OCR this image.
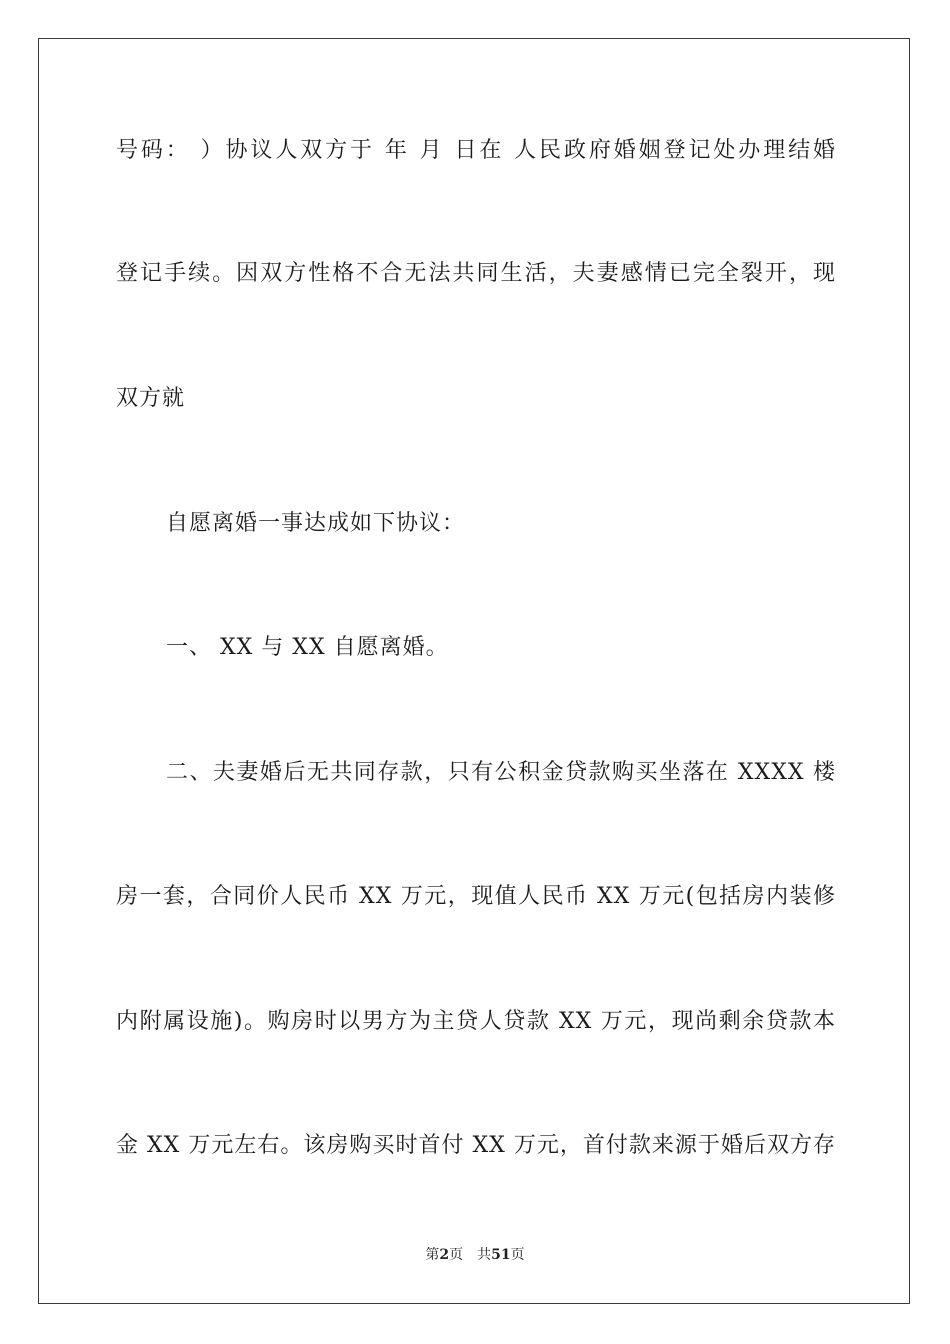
号码： ）协议人双方于 年 月 日在 人民政府婚姻登记处办理结婚
登记手续。因双方性格不合无法共同生活，夫妻感情已完全裂开，现
双方就
自愿离婚一事达成如下协议：
一、 XX 与 XX 自愿离婚。
二、夫妻婚后无共同存款，只有公积金贷款购买坐落在 XXXX 楼
房一套，合同价人民币 XX 万元，现值人民币 XX 万元(包括房内装修
内附属设施)。购房时以男方为主贷人贷款 XX 万元，现尚剩余贷款本
金 XX 万元左右。该房购买时首付 XX 万元，首付款来源于婚后双方存
第2页 共51页
